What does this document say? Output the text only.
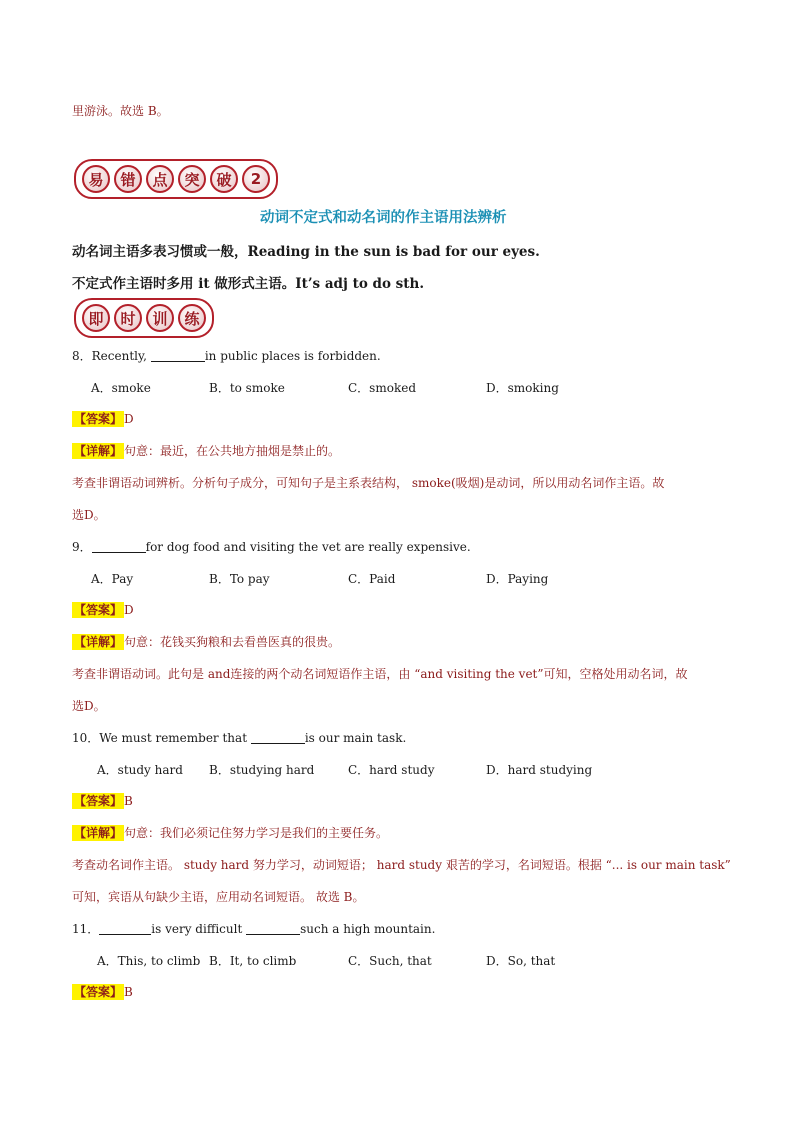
里游泳。故选 B。
易	错	点	突	破	2
动词不定式和动名词的作主语用法辨析
动名词主语多表习惯或一般，Reading in the sun is bad for our eyes.
不定式作主语时多用 it 做形式主语。It’s adj to do sth.
即	时	训	练
8．Recently,	in public places is forbidden.
A．smoke	B．to smoke	C．smoked	D．smoking
【答案】 D
【详解】 句意：最近，在公共地方抽烟是禁止的。
考查非谓语动词辨析。分析句子成分，可知句子是主系表结构， smoke(吸烟)是动词，所以用动名词作主语。故
选D。
9．	for dog food and visiting the vet are really expensive.
A．Pay	B．To pay	C．Paid	D．Paying
【答案】 D
【详解】 句意：花钱买狗粮和去看兽医真的很贵。
考查非谓语动词。此句是 and连接的两个动名词短语作主语，由 “and visiting the vet”可知，空格处用动名词，故
选D。
10．We must remember that	is our main task.
A．study hard B．studying hard	C．hard study	D．hard studying
【答案】 B
【详解】 句意：我们必须记住努力学习是我们的主要任务。
考查动名词作主语。 study hard 努力学习，动词短语； hard study 艰苦的学习，名词短语。根据 “... is our main task”
可知，宾语从句缺少主语，应用动名词短语。 故选 B。
11．	is very difficult	such a high mountain.
A．This, to climb B．It, to climb	C．Such, that	D．So, that
【答案】 B
